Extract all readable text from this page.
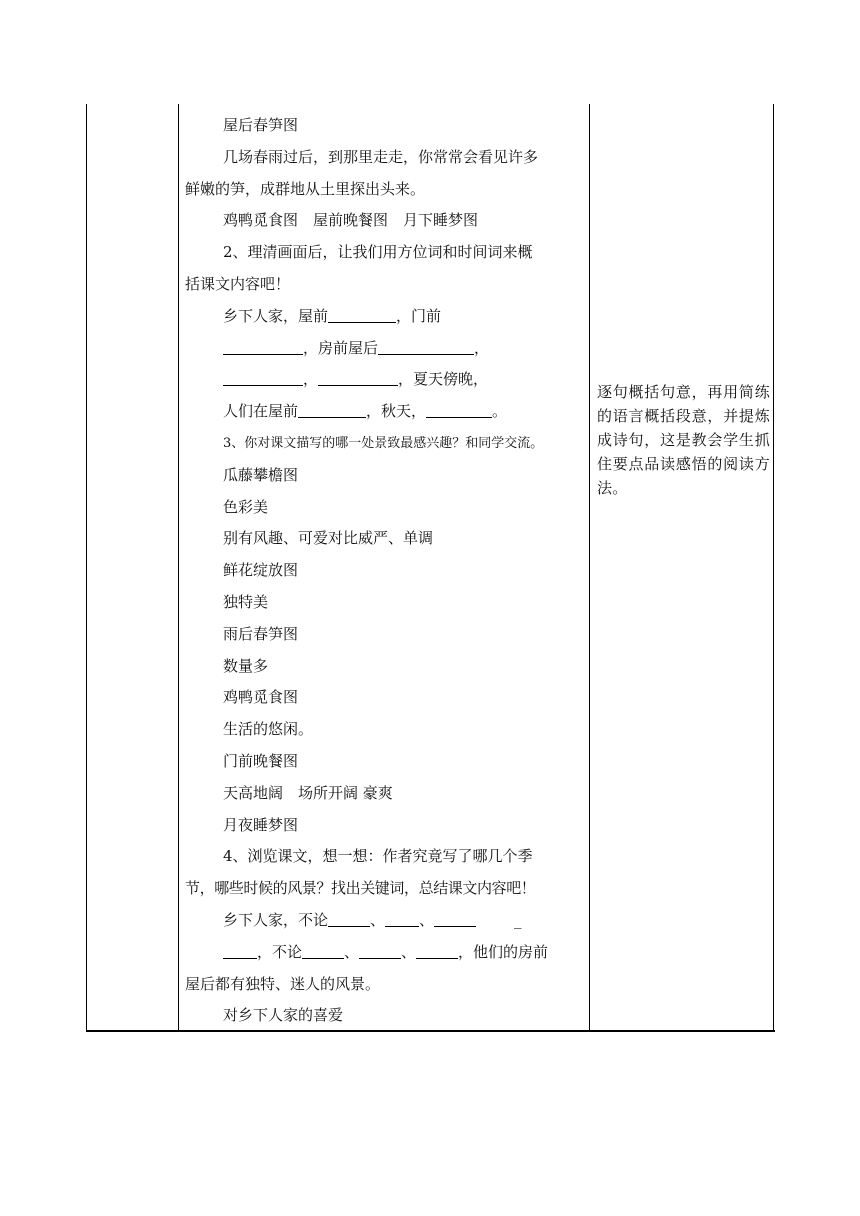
屋后春笋图
几场春雨过后，到那里走走，你常常会看见许多
鲜嫩的笋，成群地从土里探出头来。
鸡鸭觅食图　屋前晚餐图　月下睡梦图
2、理清画面后，让我们用方位词和时间词来概
括课文内容吧！
乡下人家，屋前	，门前
，房前屋后	，
，	，夏天傍晚，
人们在屋前	，秋天，	。
3、你对课文描写的哪一处景致最感兴趣？和同学交流。
瓜藤攀檐图
色彩美
别有风趣、可爱对比威严、单调
鲜花绽放图
独特美
雨后春笋图
数量多
鸡鸭觅食图
生活的悠闲。
门前晚餐图
天高地阔　场所开阔 豪爽
月夜睡梦图
4、浏览课文，想一想：作者究竟写了哪几个季
节，哪些时候的风景？找出关键词，总结课文内容吧！
乡下人家，不论	、 、	_
，不论	、	、	，他们的房前
屋后都有独特、迷人的风景。
对乡下人家的喜爱
逐句概括句意，再用简练的语言概括段意，并提炼成诗句，这是教会学生抓住要点品读感悟的阅读方法。
